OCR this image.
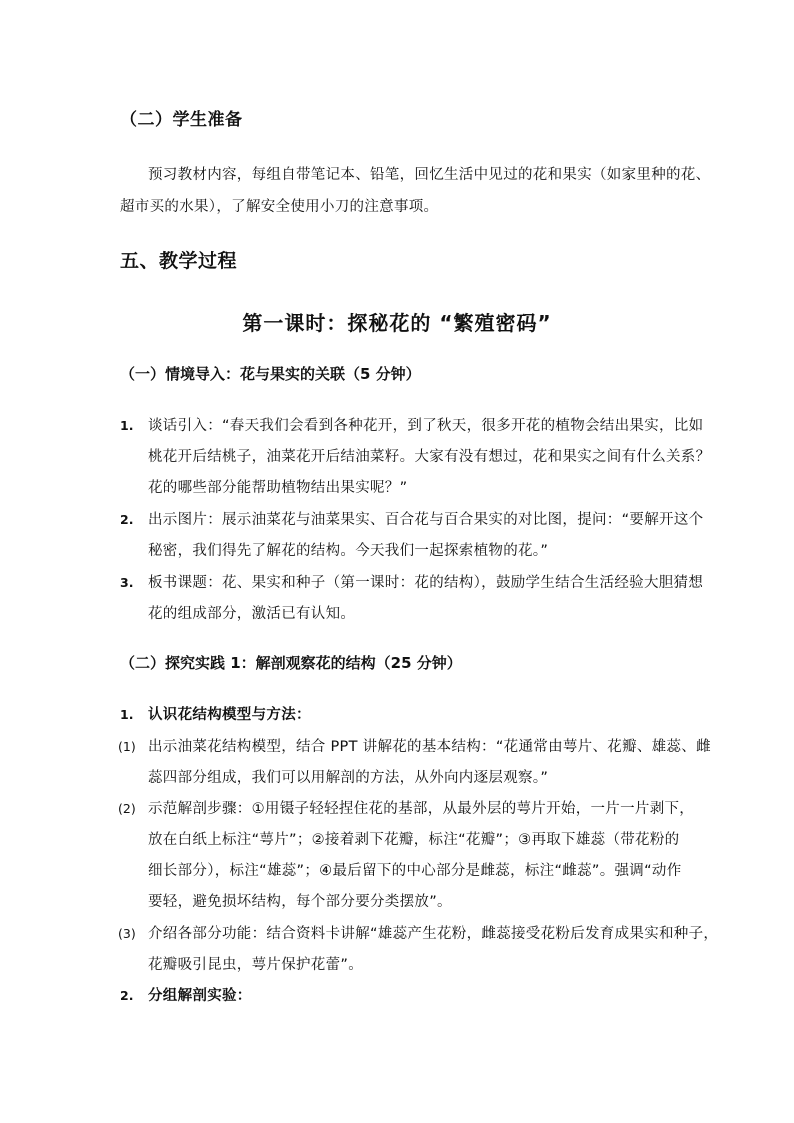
（二）学生准备
预习教材内容，每组自带笔记本、铅笔，回忆生活中见过的花和果实（如家里种的花、
超市买的水果），了解安全使用小刀的注意事项。
五、教学过程
第一课时：探秘花的 “繁殖密码”
（一）情境导入：花与果实的关联（5 分钟）
1. 谈话引入：“春天我们会看到各种花开，到了秋天，很多开花的植物会结出果实，比如
桃花开后结桃子，油菜花开后结油菜籽。大家有没有想过，花和果实之间有什么关系？
花的哪些部分能帮助植物结出果实呢？”
2. 出示图片：展示油菜花与油菜果实、百合花与百合果实的对比图，提问：“要解开这个
秘密，我们得先了解花的结构。今天我们一起探索植物的花。”
3. 板书课题：花、果实和种子（第一课时：花的结构），鼓励学生结合生活经验大胆猜想
花的组成部分，激活已有认知。
（二）探究实践 1：解剖观察花的结构（25 分钟）
1. 认识花结构模型与方法：
(1) 出示油菜花结构模型，结合 PPT 讲解花的基本结构：“花通常由萼片、花瓣、雄蕊、雌
蕊四部分组成，我们可以用解剖的方法，从外向内逐层观察。”
(2) 示范解剖步骤：①用镊子轻轻捏住花的基部，从最外层的萼片开始，一片一片剥下，
放在白纸上标注“萼片”；②接着剥下花瓣，标注“花瓣”；③再取下雄蕊（带花粉的
细长部分），标注“雄蕊”；④最后留下的中心部分是雌蕊，标注“雌蕊”。强调“动作
要轻，避免损坏结构，每个部分要分类摆放”。
(3) 介绍各部分功能：结合资料卡讲解“雄蕊产生花粉，雌蕊接受花粉后发育成果实和种子，
花瓣吸引昆虫，萼片保护花蕾”。
2. 分组解剖实验：
